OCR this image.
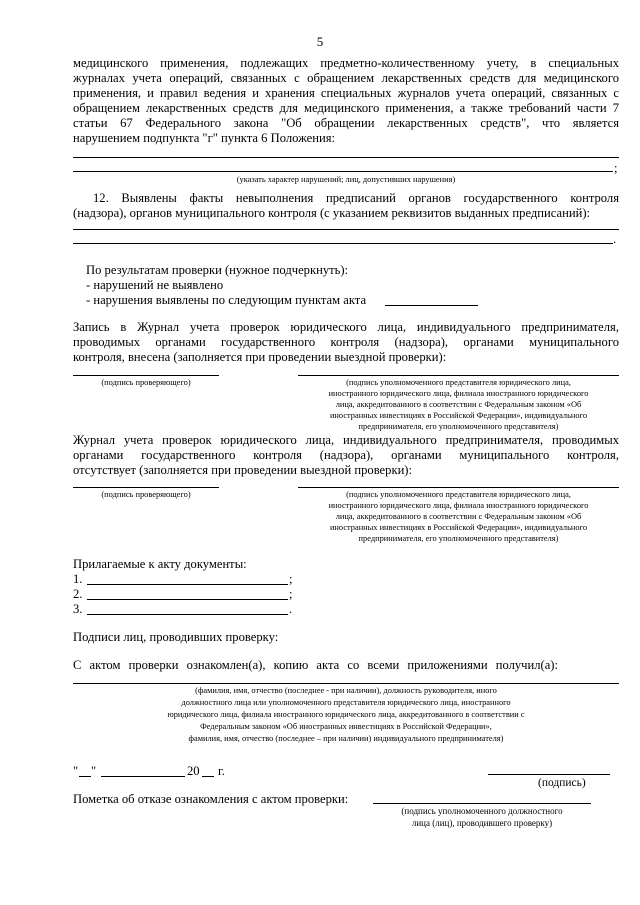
5
медицинского применения, подлежащих предметно-количественному учету, в специальных
журналах учета операций, связанных с обращением лекарственных средств для медицинского
применения, и правил ведения и хранения специальных журналов учета операций, связанных с
обращением лекарственных средств для медицинского применения, а также требований части 7
статьи 67 Федерального закона "Об обращении лекарственных средств", что является
нарушением подпункта "г" пункта 6 Положения:
;
(указать характер нарушений; лиц, допустивших нарушения)
12. Выявлены факты невыполнения предписаний органов государственного контроля
(надзора), органов муниципального контроля (с указанием реквизитов выданных предписаний):
.
По результатам проверки (нужное подчеркнуть):
- нарушений не выявлено
- нарушения выявлены по следующим пунктам акта
Запись в Журнал учета проверок юридического лица, индивидуального предпринимателя,
проводимых органами государственного контроля (надзора), органами муниципального
контроля, внесена (заполняется при проведении выездной проверки):
(подпись проверяющего)	(подпись уполномоченного представителя юридического лица,
иностранного юридического лица, филиала иностранного юридического
лица, аккредитованного в соответствии с Федеральным законом «Об
иностранных инвестициях в Российской Федерации», индивидуального
предпринимателя, его уполномоченного представителя)
Журнал учета проверок юридического лица, индивидуального предпринимателя, проводимых
органами государственного контроля (надзора), органами муниципального контроля,
отсутствует (заполняется при проведении выездной проверки):
(подпись проверяющего)	(подпись уполномоченного представителя юридического лица,
иностранного юридического лица, филиала иностранного юридического
лица, аккредитованного в соответствии с Федеральным законом «Об
иностранных инвестициях в Российской Федерации», индивидуального
предпринимателя, его уполномоченного представителя)
Прилагаемые к акту документы:
1.	;
2.	;
3.	.
Подписи лиц, проводивших проверку:
С актом проверки ознакомлен(а), копию акта со всеми приложениями получил(а):
(фамилия, имя, отчество (последнее - при наличии), должность руководителя, иного
должностного лица или уполномоченного представителя юридического лица, иностранного
юридического лица, филиала иностранного юридического лица, аккредитованного в соответствии с
Федеральным законом «Об иностранных инвестициях в Российской Федерации»,
фамилия, имя, отчество (последнее – при наличии) индивидуального предпринимателя)
" "	20 г.
(подпись)
Пометка об отказе ознакомления с актом проверки:
(подпись уполномоченного должностного
лица (лиц), проводившего проверку)
